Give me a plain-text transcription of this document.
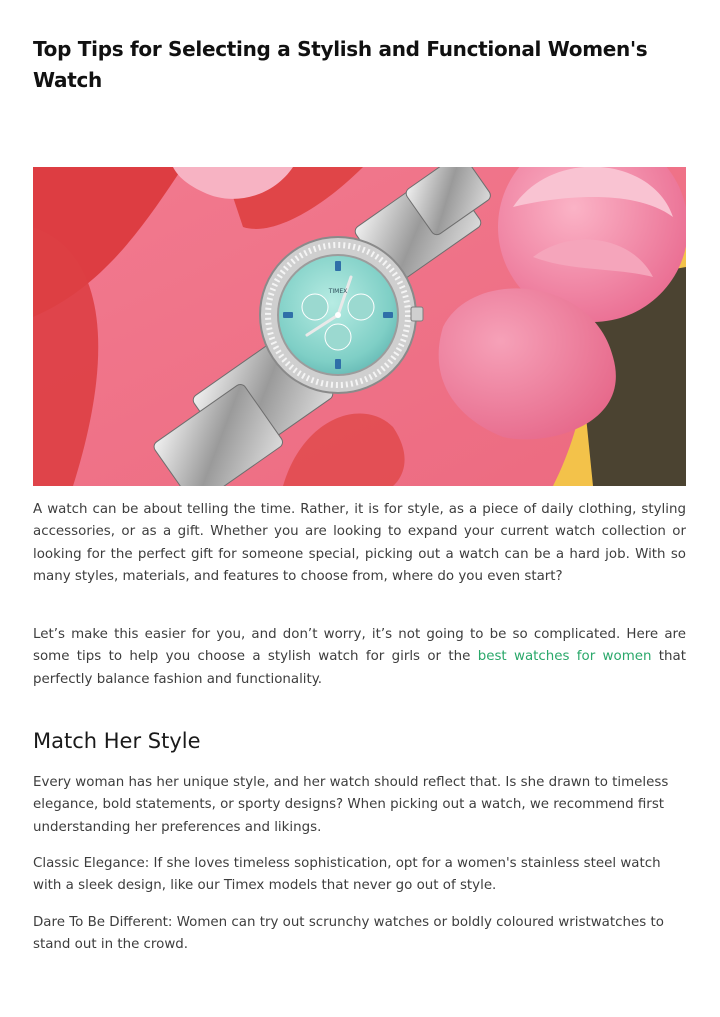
Top Tips for Selecting a Stylish and Functional Women's Watch
TIMEX

A watch can be about telling the time. Rather, it is for style, as a piece of daily clothing, styling accessories, or as a gift. Whether you are looking to expand your current watch collection or looking for the perfect gift for someone special, picking out a watch can be a hard job. With so many styles, materials, and features to choose from, where do you even start?

Let’s make this easier for you, and don’t worry, it’s not going to be so complicated. Here are some tips to help you choose a stylish watch for girls or the best watches for women that perfectly balance fashion and functionality.

Match Her Style

Every woman has her unique style, and her watch should reflect that. Is she drawn to timeless elegance, bold statements, or sporty designs? When picking out a watch, we recommend first understanding her preferences and likings.

Classic Elegance: If she loves timeless sophistication, opt for a women's stainless steel watch with a sleek design, like our Timex models that never go out of style.

Dare To Be Different: Women can try out scrunchy watches or boldly coloured wristwatches to stand out in the crowd.
